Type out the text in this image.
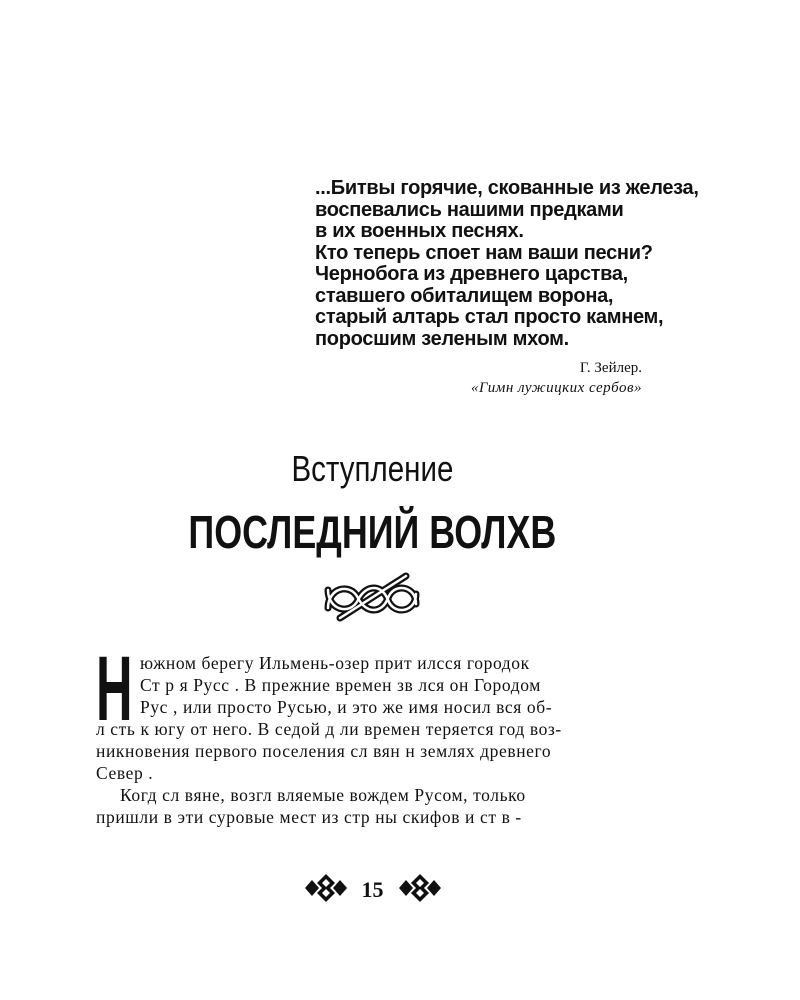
...Битвы горячие, скованные из железа,
воспевались нашими предками
в их военных песнях.
Кто теперь споет нам ваши песни?
Чернобога из древнего царства,
ставшего обиталищем ворона,
старый алтарь стал просто камнем,
поросшим зеленым мхом.
Г. Зейлер.
«Гимн лужицких сербов»
Вступление
ПОСЛЕДНИЙ ВОЛХВ
Н южном берегу Ильмень-озер прит илсся городок
Ст р я Русс . В прежние времен зв лся он Городом
Рус , или просто Русью, и это же имя носил вся об-
л сть к югу от него. В седой д ли времен теряется год воз-
никновения первого поселения сл вян н землях древнего
Север .
Когд сл вяне, возгл вляемые вождем Русом, только
пришли в эти суровые мест из стр ны скифов и ст в -
15
